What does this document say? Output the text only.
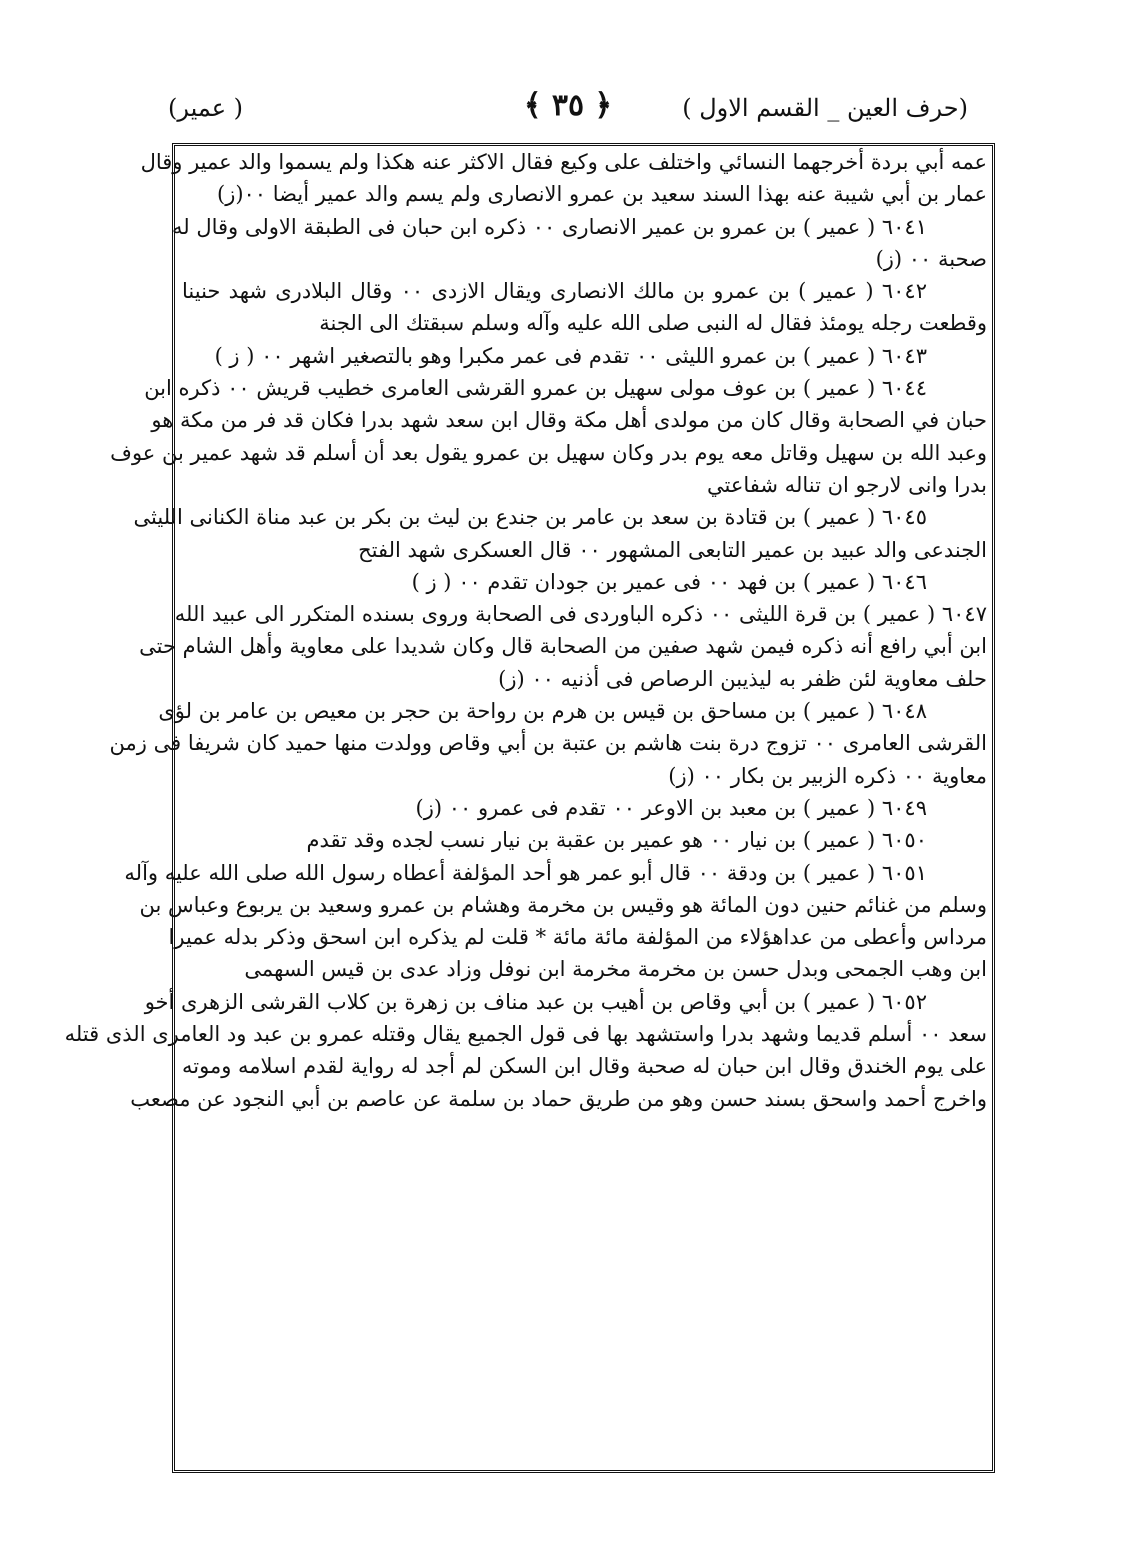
(حرف العين _ القسم الاول )
﴿ ٣٥ ﴾
( عمير)
عمه أبي بردة أخرجهما النسائي واختلف على وكيع فقال الاكثر عنه هكذا ولم يسموا والد عمير وقال
عمار بن أبي شيبة عنه بهذا السند سعيد بن عمرو الانصارى ولم يسم والد عمير أيضا ٠٠(ز)
٦٠٤١ ( عمير ) بن عمرو بن عمير الانصارى ٠٠ ذكره ابن حبان فى الطبقة الاولى وقال له
صحبة ٠٠ (ز)
٦٠٤٢ ( عمير ) بن عمرو بن مالك الانصارى ويقال الازدى ٠٠ وقال البلادرى شهد حنينا
وقطعت رجله يومئذ فقال له النبى صلى الله عليه وآله وسلم سبقتك الى الجنة
٦٠٤٣ ( عمير ) بن عمرو الليثى ٠٠ تقدم فى عمر مكبرا وهو بالتصغير اشهر ٠٠ ( ز )
٦٠٤٤ ( عمير ) بن عوف مولى سهيل بن عمرو القرشى العامرى خطيب قريش ٠٠ ذكره ابن
حبان في الصحابة وقال كان من مولدى أهل مكة وقال ابن سعد شهد بدرا فكان قد فر من مكة هو
وعبد الله بن سهيل وقاتل معه يوم بدر وكان سهيل بن عمرو يقول بعد أن أسلم قد شهد عمير بن عوف
بدرا وانى لارجو ان تناله شفاعتي
٦٠٤٥ ( عمير ) بن قتادة بن سعد بن عامر بن جندع بن ليث بن بكر بن عبد مناة الكنانى الليثى
الجندعى والد عبيد بن عمير التابعى المشهور ٠٠ قال العسكرى شهد الفتح
٦٠٤٦ ( عمير ) بن فهد ٠٠ فى عمير بن جودان تقدم ٠٠ ( ز )
٦٠٤٧ ( عمير ) بن قرة الليثى ٠٠ ذكره الباوردى فى الصحابة وروى بسنده المتكرر الى عبيد الله
ابن أبي رافع أنه ذكره فيمن شهد صفين من الصحابة قال وكان شديدا على معاوية وأهل الشام حتى
حلف معاوية لئن ظفر به ليذيبن الرصاص فى أذنيه ٠٠ (ز)
٦٠٤٨ ( عمير ) بن مساحق بن قيس بن هرم بن رواحة بن حجر بن معيص بن عامر بن لؤى
القرشى العامرى ٠٠ تزوج درة بنت هاشم بن عتبة بن أبي وقاص وولدت منها حميد كان شريفا فى زمن
معاوية ٠٠ ذكره الزبير بن بكار ٠٠ (ز)
٦٠٤٩ ( عمير ) بن معبد بن الاوعر ٠٠ تقدم فى عمرو ٠٠ (ز)
٦٠٥٠ ( عمير ) بن نيار ٠٠ هو عمير بن عقبة بن نيار نسب لجده وقد تقدم
٦٠٥١ ( عمير ) بن ودقة ٠٠ قال أبو عمر هو أحد المؤلفة أعطاه رسول الله صلى الله عليه وآله
وسلم من غنائم حنين دون المائة هو وقيس بن مخرمة وهشام بن عمرو وسعيد بن يربوع وعباس بن
مرداس وأعطى من عداهؤلاء من المؤلفة مائة مائة * قلت لم يذكره ابن اسحق وذكر بدله عميرا
ابن وهب الجمحى وبدل حسن بن مخرمة مخرمة ابن نوفل وزاد عدى بن قيس السهمى
٦٠٥٢ ( عمير ) بن أبي وقاص بن أهيب بن عبد مناف بن زهرة بن كلاب القرشى الزهرى أخو
سعد ٠٠ أسلم قديما وشهد بدرا واستشهد بها فى قول الجميع يقال وقتله عمرو بن عبد ود العامرى الذى قتله
على يوم الخندق وقال ابن حبان له صحبة وقال ابن السكن لم أجد له رواية لقدم اسلامه وموته
واخرج أحمد واسحق بسند حسن وهو من طريق حماد بن سلمة عن عاصم بن أبي النجود عن مصعب
